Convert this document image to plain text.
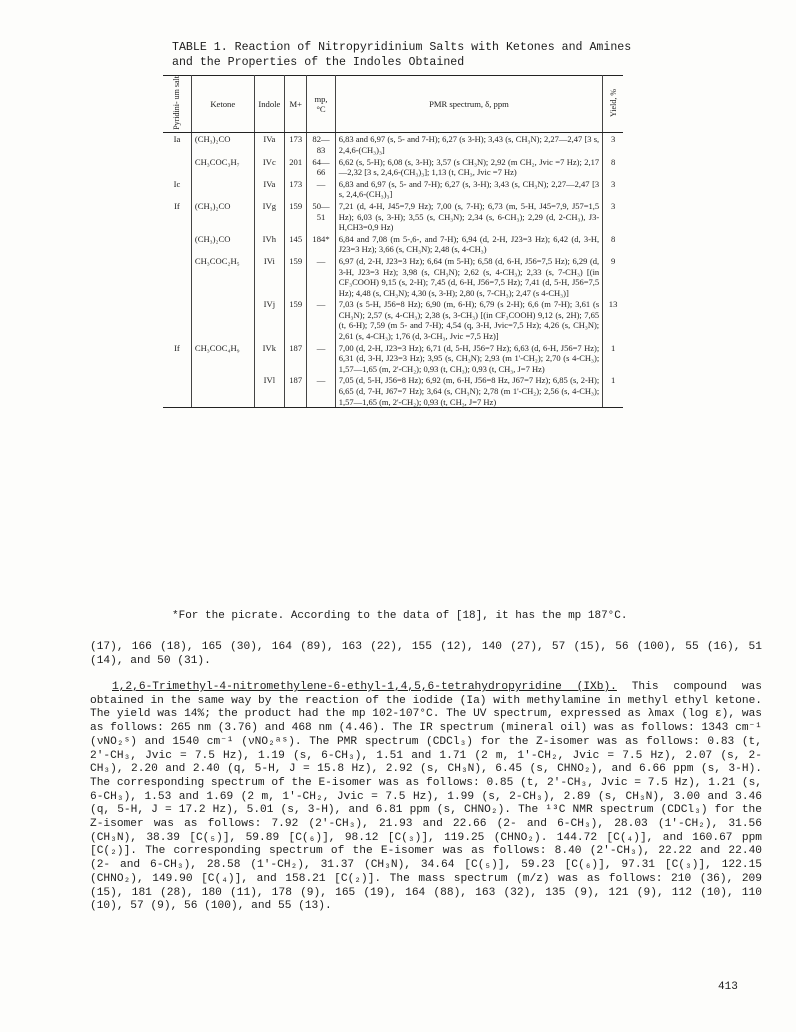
TABLE 1. Reaction of Nitropyridinium Salts with Ketones and Amines
and the Properties of the Indoles Obtained
Pyridini- um salt	Ketone	Indole	M+	mp, °C	PMR spectrum, δ, ppm	Yield, %
Ia	(CH₃)₂CO	IVa	173	82—83	6,83 and 6,97 (s, 5- and 7-H); 6,27 (s 3-H); 3,43 (s, CH₃N); 2,27—2,47 [3 s, 2,4,6-(CH₃)₃]	3
	CH₃COC₃H₇	IVc	201	64—66	6,62 (s, 5-H); 6,08 (s, 3-H); 3,57 (s CH₃N); 2,92 (m CH₂, Jvic =7 Hz); 2,17—2,32 [3 s, 2,4,6-(CH₃)₃]; 1,13 (t, CH₃, Jvic =7 Hz)	8
Ic		IVa	173	—	6,83 and 6,97 (s, 5- and 7-H); 6,27 (s, 3-H); 3,43 (s, CH₃N); 2,27—2,47 [3 s, 2,4,6-(CH₃)₃]	3
If	(CH₃)₂CO	IVg	159	50—51	7,21 (d, 4-H, J45=7,9 Hz); 7,00 (s, 7-H); 6,73 (m, 5-H, J45=7,9, J57=1,5 Hz); 6,03 (s, 3-H); 3,55 (s, CH₃N); 2,34 (s, 6-CH₃); 2,29 (d, 2-CH₃), J3-H,CH3=0,9 Hz)	3
	(CH₃)₂CO	IVh	145	184*	6,84 and 7,08 (m 5-,6-, and 7-H); 6,94 (d, 2-H, J23=3 Hz); 6,42 (d, 3-H, J23=3 Hz); 3,66 (s, CH₃N); 2,48 (s, 4-CH₃)	8
	CH₃COC₂H₅	IVi	159	—	6,97 (d, 2-H, J23=3 Hz); 6,64 (m 5-H); 6,58 (d, 6-H, J56=7,5 Hz); 6,29 (d, 3-H, J23=3 Hz); 3,98 (s, CH₃N); 2,62 (s, 4-CH₃); 2,33 (s, 7-CH₃) [(in CF₃COOH) 9,15 (s, 2-H); 7,45 (d, 6-H, J56=7,5 Hz); 7,41 (d, 5-H, J56=7,5 Hz); 4,48 (s, CH₃N); 4,30 (s, 3-H); 2,80 (s, 7-CH₃); 2,47 (s 4-CH₃)]	9
		IVj	159	—	7,03 (s 5-H, J56=8 Hz); 6,90 (m, 6-H); 6,79 (s 2-H); 6,6 (m 7-H); 3,61 (s CH₃N); 2,57 (s, 4-CH₃); 2,38 (s, 3-CH₃) [(in CF₃COOH) 9,12 (s, 2H); 7,65 (t, 6-H); 7,59 (m 5- and 7-H); 4,54 (q, 3-H, Jvic=7,5 Hz); 4,26 (s, CH₃N); 2,61 (s, 4-CH₃); 1,76 (d, 3-CH₃, Jvic =7,5 Hz)]	13
If	CH₃COC₄H₉	IVk	187	—	7,00 (d, 2-H, J23=3 Hz); 6,71 (d, 5-H, J56=7 Hz); 6,63 (d, 6-H, J56=7 Hz); 6,31 (d, 3-H, J23=3 Hz); 3,95 (s, CH₃N); 2,93 (m 1'-CH₂); 2,70 (s 4-CH₃); 1,57—1,65 (m, 2'-CH₂); 0,93 (t, CH₃); 0,93 (t, CH₃, J=7 Hz)	1
		IVl	187	—	7,05 (d, 5-H, J56=8 Hz); 6,92 (m, 6-H, J56=8 Hz, J67=7 Hz); 6,85 (s, 2-H); 6,65 (d, 7-H, J67=7 Hz); 3,64 (s, CH₃N); 2,78 (m 1'-CH₂); 2,56 (s, 4-CH₃); 1,57—1,65 (m, 2'-CH₂); 0,93 (t, CH₃, J=7 Hz)	1
*For the picrate. According to the data of [18], it has the mp 187°C.
(17), 166 (18), 165 (30), 164 (89), 163 (22), 155 (12), 140 (27), 57 (15), 56 (100), 55 (16), 51 (14), and 50 (31).
1,2,6-Trimethyl-4-nitromethylene-6-ethyl-1,4,5,6-tetrahydropyridine (IXb). This compound was obtained in the same way by the reaction of the iodide (Ia) with methylamine in methyl ethyl ketone. The yield was 14%; the product had the mp 102-107°C. The UV spectrum, expressed as λmax (log ε), was as follows: 265 nm (3.76) and 468 nm (4.46). The IR spectrum (mineral oil) was as follows: 1343 cm⁻¹ (νNO₂ˢ) and 1540 cm⁻¹ (νNO₂ᵃˢ). The PMR spectrum (CDCl₃) for the Z-isomer was as follows: 0.83 (t, 2'-CH₃, Jvic = 7.5 Hz), 1.19 (s, 6-CH₃), 1.51 and 1.71 (2 m, 1'-CH₂, Jvic = 7.5 Hz), 2.07 (s, 2-CH₃), 2.20 and 2.40 (q, 5-H, J = 15.8 Hz), 2.92 (s, CH₃N), 6.45 (s, CHNO₂), and 6.66 ppm (s, 3-H). The corresponding spectrum of the E-isomer was as follows: 0.85 (t, 2'-CH₃, Jvic = 7.5 Hz), 1.21 (s, 6-CH₃), 1.53 and 1.69 (2 m, 1'-CH₂, Jvic = 7.5 Hz), 1.99 (s, 2-CH₃), 2.89 (s, CH₃N), 3.00 and 3.46 (q, 5-H, J = 17.2 Hz), 5.01 (s, 3-H), and 6.81 ppm (s, CHNO₂). The ¹³C NMR spectrum (CDCl₃) for the Z-isomer was as follows: 7.92 (2'-CH₃), 21.93 and 22.66 (2- and 6-CH₃), 28.03 (1'-CH₂), 31.56 (CH₃N), 38.39 [C(₅)], 59.89 [C(₆)], 98.12 [C(₃)], 119.25 (CHNO₂). 144.72 [C(₄)], and 160.67 ppm [C(₂)]. The corresponding spectrum of the E-isomer was as follows: 8.40 (2'-CH₃), 22.22 and 22.40 (2- and 6-CH₃), 28.58 (1'-CH₂), 31.37 (CH₃N), 34.64 [C(₅)], 59.23 [C(₆)], 97.31 [C(₃)], 122.15 (CHNO₂), 149.90 [C(₄)], and 158.21 [C(₂)]. The mass spectrum (m/z) was as follows: 210 (36), 209 (15), 181 (28), 180 (11), 178 (9), 165 (19), 164 (88), 163 (32), 135 (9), 121 (9), 112 (10), 110 (10), 57 (9), 56 (100), and 55 (13).
413
